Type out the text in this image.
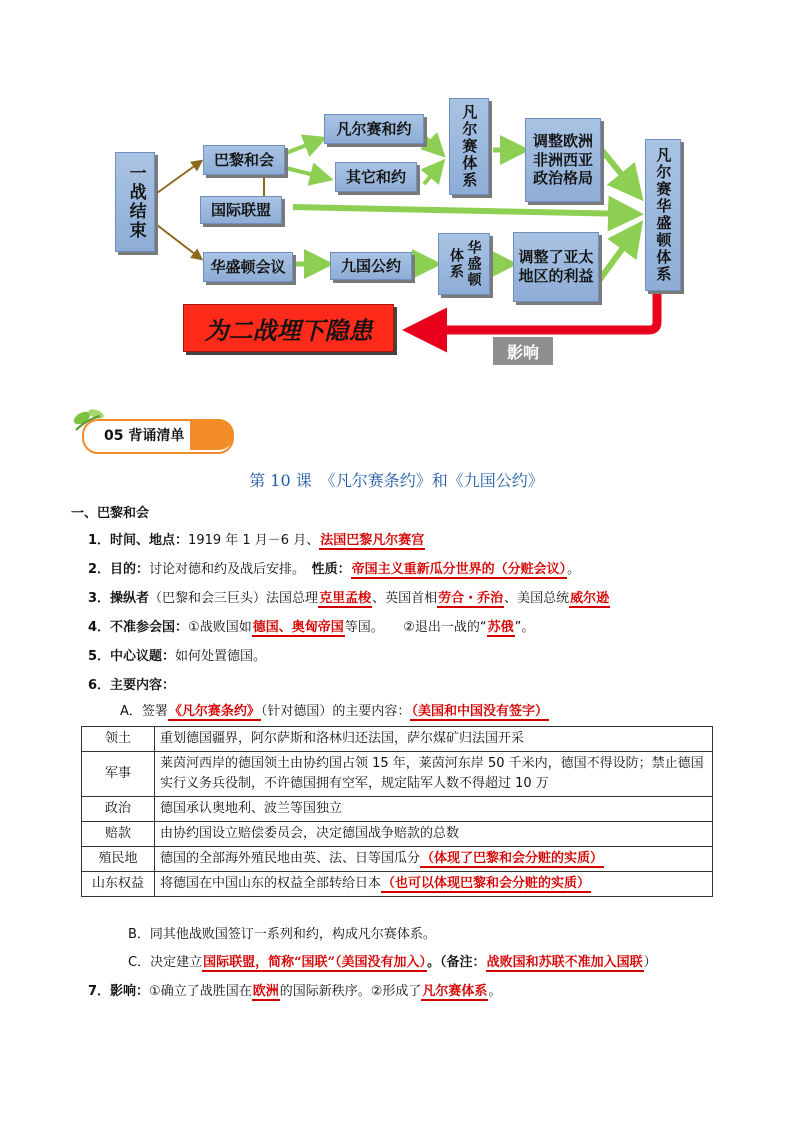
一战结束
巴黎和会
凡尔赛和约
其它和约	凡尔赛体系	调整欧洲非洲西亚政治格局
国际联盟
华盛顿会议	九国公约	华盛顿体系	调整了亚太地区的利益	凡尔赛华盛顿体系
为二战埋下隐患
影响
05 背诵清单
第 10 课　《凡尔赛条约》和《九国公约》
一、巴黎和会
1．时间、地点：1919 年 1 月－6 月、法国巴黎凡尔赛宫
2．目的：讨论对德和约及战后安排。　性质：帝国主义重新瓜分世界的（分赃会议）。
3．操纵者（巴黎和会三巨头）法国总理克里孟梭、英国首相劳合・乔治、美国总统威尔逊
4．不准参会国：①战败国如德国、奥匈帝国等国。　　②退出一战的“苏俄”。
5．中心议题：如何处置德国。
6．主要内容：
A．签署《凡尔赛条约》（针对德国）的主要内容：（美国和中国没有签字）
领土	重划德国疆界，阿尔萨斯和洛林归还法国，萨尔煤矿归法国开采
军事	莱茵河西岸的德国领土由协约国占领 15 年，莱茵河东岸 50 千米内，德国不得设防；禁止德国实行义务兵役制，不许德国拥有空军，规定陆军人数不得超过 10 万
政治	德国承认奥地利、波兰等国独立
赔款	由协约国设立赔偿委员会，决定德国战争赔款的总数
殖民地	德国的全部海外殖民地由英、法、日等国瓜分（体现了巴黎和会分赃的实质）
山东权益	将德国在中国山东的权益全部转给日本（也可以体现巴黎和会分赃的实质）
B．同其他战败国签订一系列和约，构成凡尔赛体系。
C．决定建立国际联盟，简称“国联”（美国没有加入）。（备注：战败国和苏联不准加入国联）
7．影响：①确立了战胜国在欧洲的国际新秩序。②形成了凡尔赛体系。
